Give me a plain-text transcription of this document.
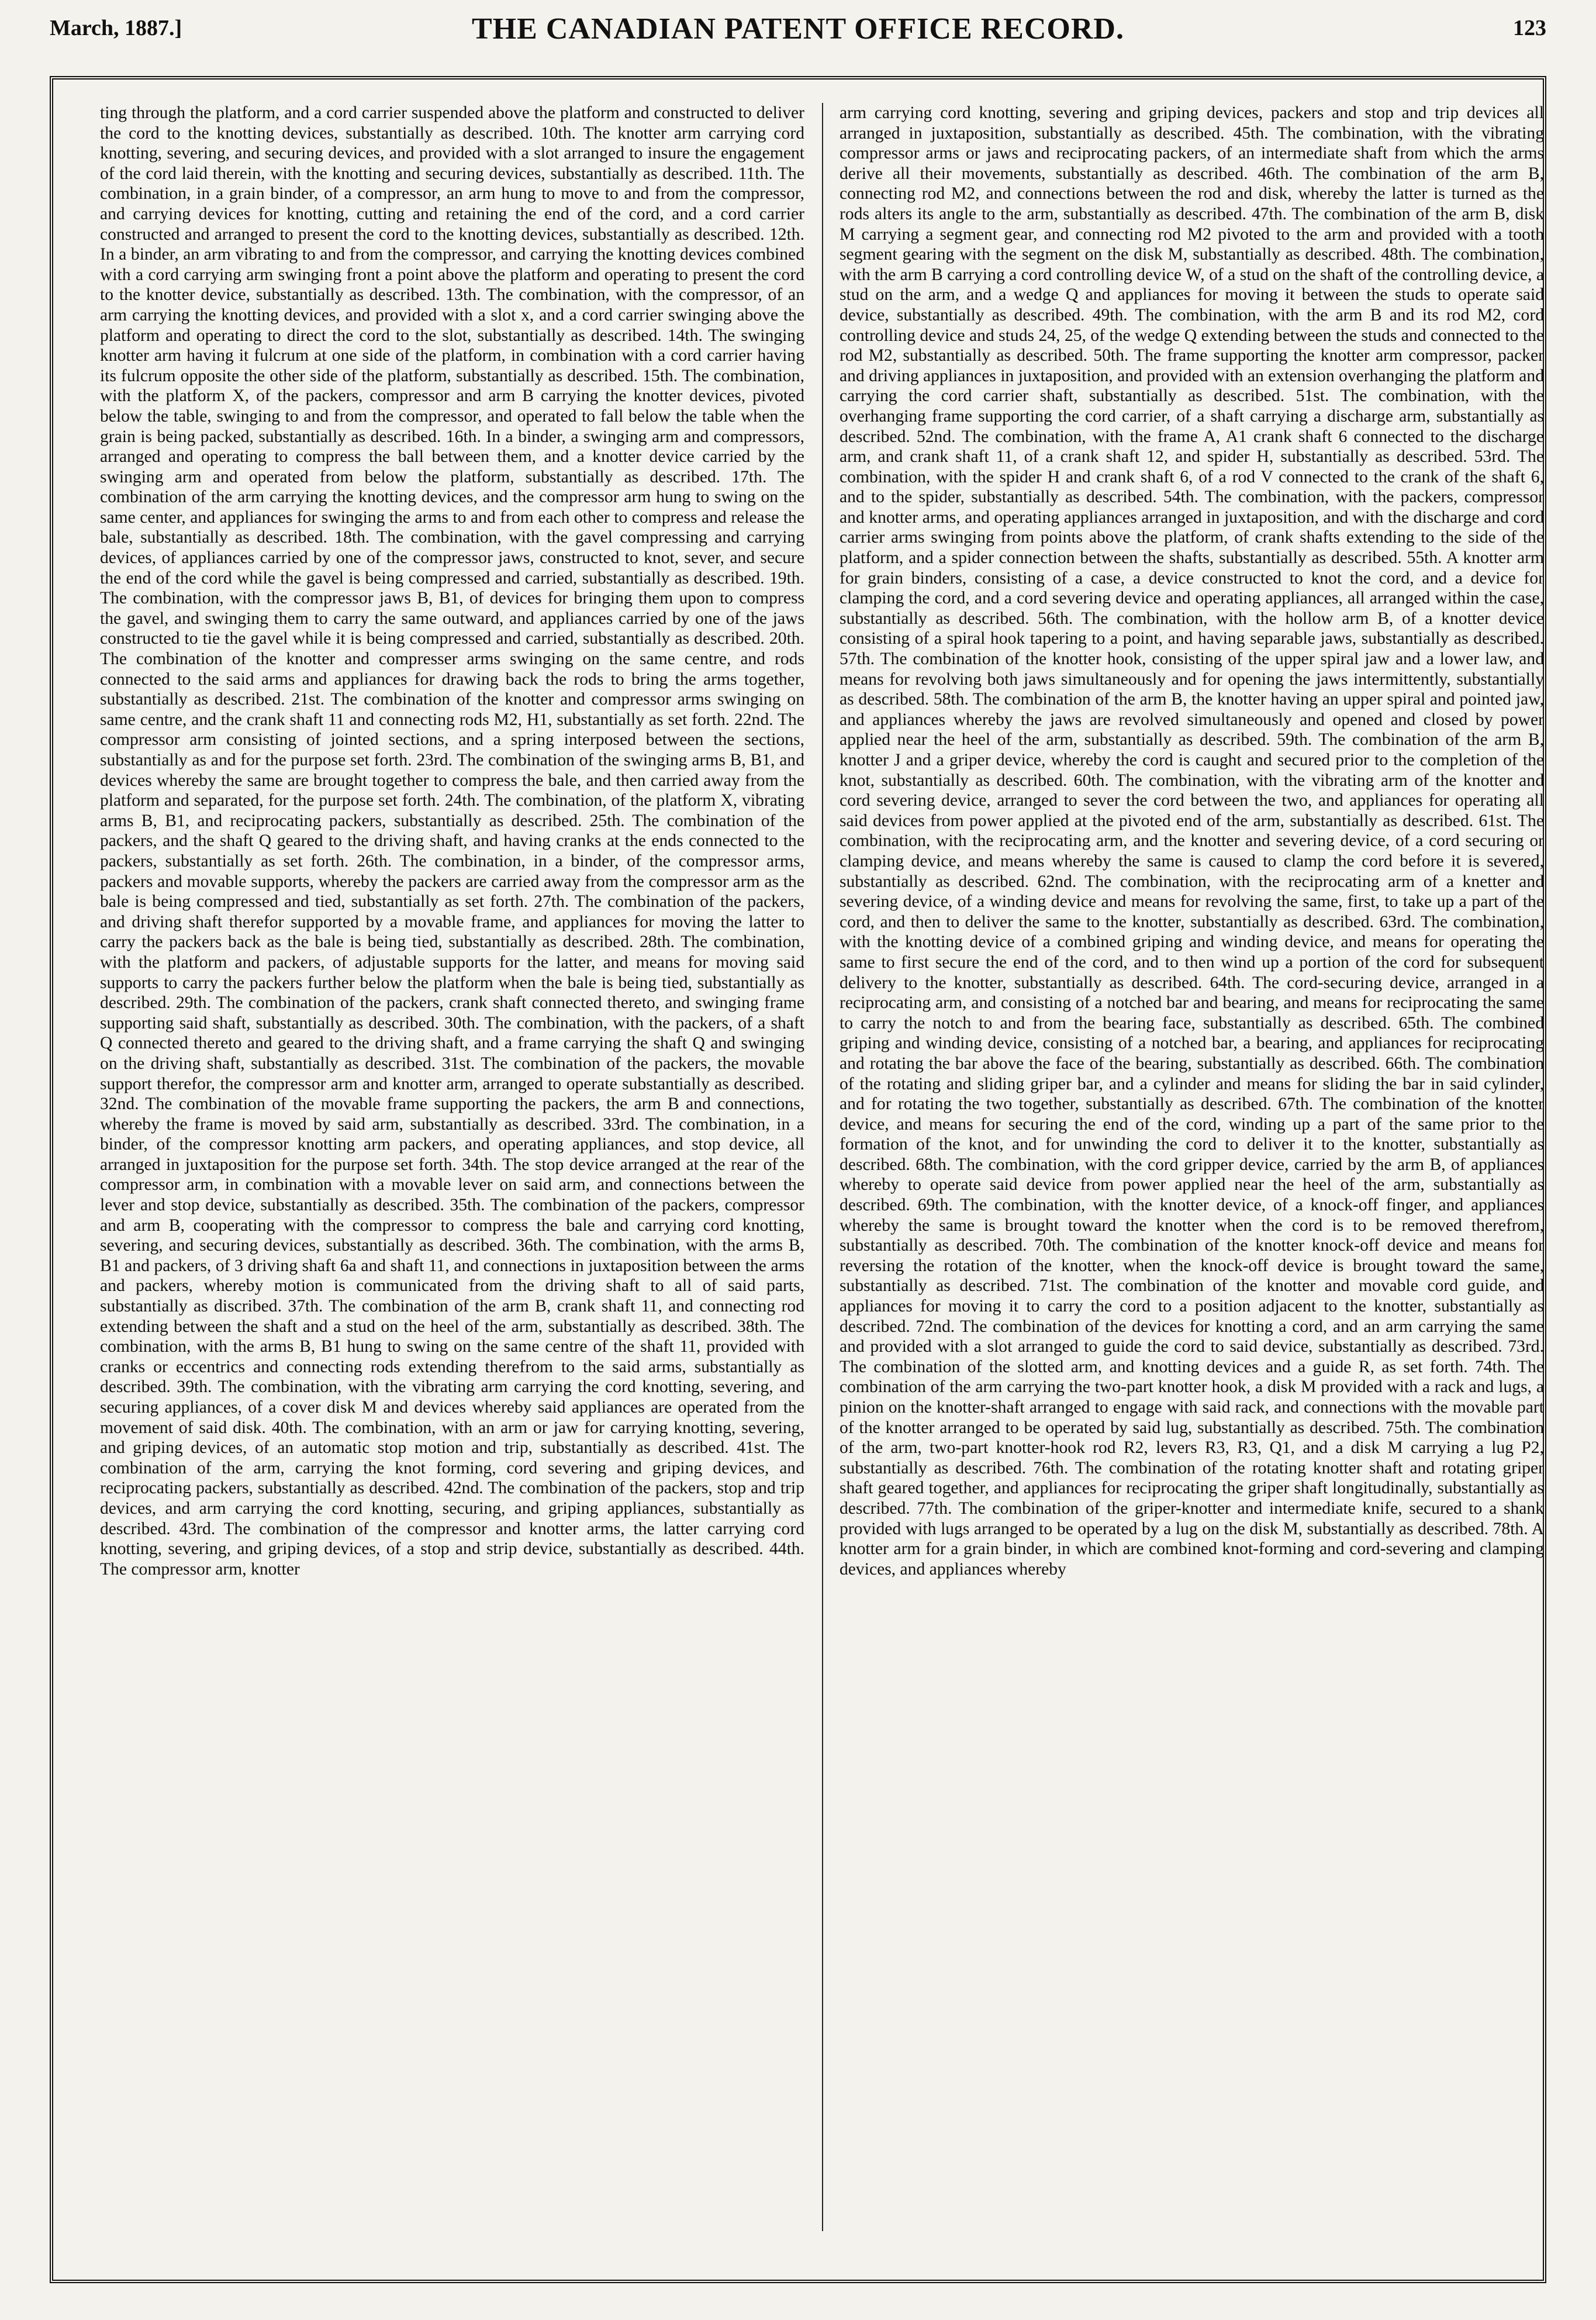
March, 1887.]	THE CANADIAN PATENT OFFICE RECORD.	123
ting through the platform, and a cord carrier suspended above the platform and constructed to deliver the cord to the knotting devices, substantially as described. 10th. The knotter arm carrying cord knotting, severing, and securing devices, and provided with a slot arranged to insure the engagement of the cord laid therein, with the knotting and securing devices, substantially as described. 11th. The combination, in a grain binder, of a compressor, an arm hung to move to and from the compressor, and carrying devices for knotting, cutting and retaining the end of the cord, and a cord carrier constructed and arranged to present the cord to the knotting devices, substantially as described. 12th. In a binder, an arm vibrating to and from the compressor, and carrying the knotting devices combined with a cord carrying arm swinging front a point above the platform and operating to present the cord to the knotter device, substantially as described. 13th. The combination, with the compressor, of an arm carrying the knotting devices, and provided with a slot x, and a cord carrier swinging above the platform and operating to direct the cord to the slot, substantially as described. 14th. The swinging knotter arm having it fulcrum at one side of the platform, in combination with a cord carrier having its fulcrum opposite the other side of the platform, substantially as described. 15th. The combination, with the platform X, of the packers, compressor and arm B carrying the knotter devices, pivoted below the table, swinging to and from the compressor, and operated to fall below the table when the grain is being packed, substantially as described. 16th. In a binder, a swinging arm and compressors, arranged and operating to compress the ball between them, and a knotter device carried by the swinging arm and operated from below the platform, substantially as described. 17th. The combination of the arm carrying the knotting devices, and the compressor arm hung to swing on the same center, and appliances for swinging the arms to and from each other to compress and release the bale, substantially as described. 18th. The combination, with the gavel compressing and carrying devices, of appliances carried by one of the compressor jaws, constructed to knot, sever, and secure the end of the cord while the gavel is being compressed and carried, substantially as described. 19th. The combination, with the compressor jaws B, B1, of devices for bringing them upon to compress the gavel, and swinging them to carry the same outward, and appliances carried by one of the jaws constructed to tie the gavel while it is being compressed and carried, substantially as described. 20th. The combination of the knotter and compresser arms swinging on the same centre, and rods connected to the said arms and appliances for drawing back the rods to bring the arms together, substantially as described. 21st. The combination of the knotter and compressor arms swinging on same centre, and the crank shaft 11 and connecting rods M2, H1, substantially as set forth. 22nd. The compressor arm consisting of jointed sections, and a spring interposed between the sections, substantially as and for the purpose set forth. 23rd. The combination of the swinging arms B, B1, and devices whereby the same are brought together to compress the bale, and then carried away from the platform and separated, for the purpose set forth. 24th. The combination, of the platform X, vibrating arms B, B1, and reciprocating packers, substantially as described. 25th. The combination of the packers, and the shaft Q geared to the driving shaft, and having cranks at the ends connected to the packers, substantially as set forth. 26th. The combination, in a binder, of the compressor arms, packers and movable supports, whereby the packers are carried away from the compressor arm as the bale is being compressed and tied, substantially as set forth. 27th. The combination of the packers, and driving shaft therefor supported by a movable frame, and appliances for moving the latter to carry the packers back as the bale is being tied, substantially as described. 28th. The combination, with the platform and packers, of adjustable supports for the latter, and means for moving said supports to carry the packers further below the platform when the bale is being tied, substantially as described. 29th. The combination of the packers, crank shaft connected thereto, and swinging frame supporting said shaft, substantially as described. 30th. The combination, with the packers, of a shaft Q connected thereto and geared to the driving shaft, and a frame carrying the shaft Q and swinging on the driving shaft, substantially as described. 31st. The combination of the packers, the movable support therefor, the compressor arm and knotter arm, arranged to operate substantially as described. 32nd. The combination of the movable frame supporting the packers, the arm B and connections, whereby the frame is moved by said arm, substantially as described. 33rd. The combination, in a binder, of the compressor knotting arm packers, and operating appliances, and stop device, all arranged in juxtaposition for the purpose set forth. 34th. The stop device arranged at the rear of the compressor arm, in combination with a movable lever on said arm, and connections between the lever and stop device, substantially as described. 35th. The combination of the packers, compressor and arm B, cooperating with the compressor to compress the bale and carrying cord knotting, severing, and securing devices, substantially as described. 36th. The combination, with the arms B, B1 and packers, of 3 driving shaft 6a and shaft 11, and connections in juxtaposition between the arms and packers, whereby motion is communicated from the driving shaft to all of said parts, substantially as discribed. 37th. The combination of the arm B, crank shaft 11, and connecting rod extending between the shaft and a stud on the heel of the arm, substantially as described. 38th. The combination, with the arms B, B1 hung to swing on the same centre of the shaft 11, provided with cranks or eccentrics and connecting rods extending therefrom to the said arms, substantially as described. 39th. The combination, with the vibrating arm carrying the cord knotting, severing, and securing appliances, of a cover disk M and devices whereby said appliances are operated from the movement of said disk. 40th. The combination, with an arm or jaw for carrying knotting, severing, and griping devices, of an automatic stop motion and trip, substantially as described. 41st. The combination of the arm, carrying the knot forming, cord severing and griping devices, and reciprocating packers, substantially as described. 42nd. The combination of the packers, stop and trip devices, and arm carrying the cord knotting, securing, and griping appliances, substantially as described. 43rd. The combination of the compressor and knotter arms, the latter carrying cord knotting, severing, and griping devices, of a stop and strip device, substantially as described. 44th. The compressor arm, knotter
arm carrying cord knotting, severing and griping devices, packers and stop and trip devices all arranged in juxtaposition, substantially as described. 45th. The combination, with the vibrating compressor arms or jaws and reciprocating packers, of an intermediate shaft from which the arms derive all their movements, substantially as described. 46th. The combination of the arm B, connecting rod M2, and connections between the rod and disk, whereby the latter is turned as the rods alters its angle to the arm, substantially as described. 47th. The combination of the arm B, disk M carrying a segment gear, and connecting rod M2 pivoted to the arm and provided with a tooth segment gearing with the segment on the disk M, substantially as described. 48th. The combination, with the arm B carrying a cord controlling device W, of a stud on the shaft of the controlling device, a stud on the arm, and a wedge Q and appliances for moving it between the studs to operate said device, substantially as described. 49th. The combination, with the arm B and its rod M2, cord controlling device and studs 24, 25, of the wedge Q extending between the studs and connected to the rod M2, substantially as described. 50th. The frame supporting the knotter arm compressor, packer and driving appliances in juxtaposition, and provided with an extension overhanging the platform and carrying the cord carrier shaft, substantially as described. 51st. The combination, with the overhanging frame supporting the cord carrier, of a shaft carrying a discharge arm, substantially as described. 52nd. The combination, with the frame A, A1 crank shaft 6 connected to the discharge arm, and crank shaft 11, of a crank shaft 12, and spider H, substantially as described. 53rd. The combination, with the spider H and crank shaft 6, of a rod V connected to the crank of the shaft 6, and to the spider, substantially as described. 54th. The combination, with the packers, compressor and knotter arms, and operating appliances arranged in juxtaposition, and with the discharge and cord carrier arms swinging from points above the platform, of crank shafts extending to the side of the platform, and a spider connection between the shafts, substantially as described. 55th. A knotter arm for grain binders, consisting of a case, a device constructed to knot the cord, and a device for clamping the cord, and a cord severing device and operating appliances, all arranged within the case, substantially as described. 56th. The combination, with the hollow arm B, of a knotter device consisting of a spiral hook tapering to a point, and having separable jaws, substantially as described. 57th. The combination of the knotter hook, consisting of the upper spiral jaw and a lower law, and means for revolving both jaws simultaneously and for opening the jaws intermittently, substantially as described. 58th. The combination of the arm B, the knotter having an upper spiral and pointed jaw, and appliances whereby the jaws are revolved simultaneously and opened and closed by power applied near the heel of the arm, substantially as described. 59th. The combination of the arm B, knotter J and a griper device, whereby the cord is caught and secured prior to the completion of the knot, substantially as described. 60th. The combination, with the vibrating arm of the knotter and cord severing device, arranged to sever the cord between the two, and appliances for operating all said devices from power applied at the pivoted end of the arm, substantially as described. 61st. The combination, with the reciprocating arm, and the knotter and severing device, of a cord securing or clamping device, and means whereby the same is caused to clamp the cord before it is severed, substantially as described. 62nd. The combination, with the reciprocating arm of a knetter and severing device, of a winding device and means for revolving the same, first, to take up a part of the cord, and then to deliver the same to the knotter, substantially as described. 63rd. The combination, with the knotting device of a combined griping and winding device, and means for operating the same to first secure the end of the cord, and to then wind up a portion of the cord for subsequent delivery to the knotter, substantially as described. 64th. The cord-securing device, arranged in a reciprocating arm, and consisting of a notched bar and bearing, and means for reciprocating the same to carry the notch to and from the bearing face, substantially as described. 65th. The combined griping and winding device, consisting of a notched bar, a bearing, and appliances for reciprocating and rotating the bar above the face of the bearing, substantially as described. 66th. The combination of the rotating and sliding griper bar, and a cylinder and means for sliding the bar in said cylinder, and for rotating the two together, substantially as described. 67th. The combination of the knotter device, and means for securing the end of the cord, winding up a part of the same prior to the formation of the knot, and for unwinding the cord to deliver it to the knotter, substantially as described. 68th. The combination, with the cord gripper device, carried by the arm B, of appliances whereby to operate said device from power applied near the heel of the arm, substantially as described. 69th. The combination, with the knotter device, of a knock-off finger, and appliances whereby the same is brought toward the knotter when the cord is to be removed therefrom, substantially as described. 70th. The combination of the knotter knock-off device and means for reversing the rotation of the knotter, when the knock-off device is brought toward the same, substantially as described. 71st. The combination of the knotter and movable cord guide, and appliances for moving it to carry the cord to a position adjacent to the knotter, substantially as described. 72nd. The combination of the devices for knotting a cord, and an arm carrying the same and provided with a slot arranged to guide the cord to said device, substantially as described. 73rd. The combination of the slotted arm, and knotting devices and a guide R, as set forth. 74th. The combination of the arm carrying the two-part knotter hook, a disk M provided with a rack and lugs, a pinion on the knotter-shaft arranged to engage with said rack, and connections with the movable part of the knotter arranged to be operated by said lug, substantially as described. 75th. The combination of the arm, two-part knotter-hook rod R2, levers R3, R3, Q1, and a disk M carrying a lug P2, substantially as described. 76th. The combination of the rotating knotter shaft and rotating griper shaft geared together, and appliances for reciprocating the griper shaft longitudinally, substantially as described. 77th. The combination of the griper-knotter and intermediate knife, secured to a shank provided with lugs arranged to be operated by a lug on the disk M, substantially as described. 78th. A knotter arm for a grain binder, in which are combined knot-forming and cord-severing and clamping devices, and appliances whereby
